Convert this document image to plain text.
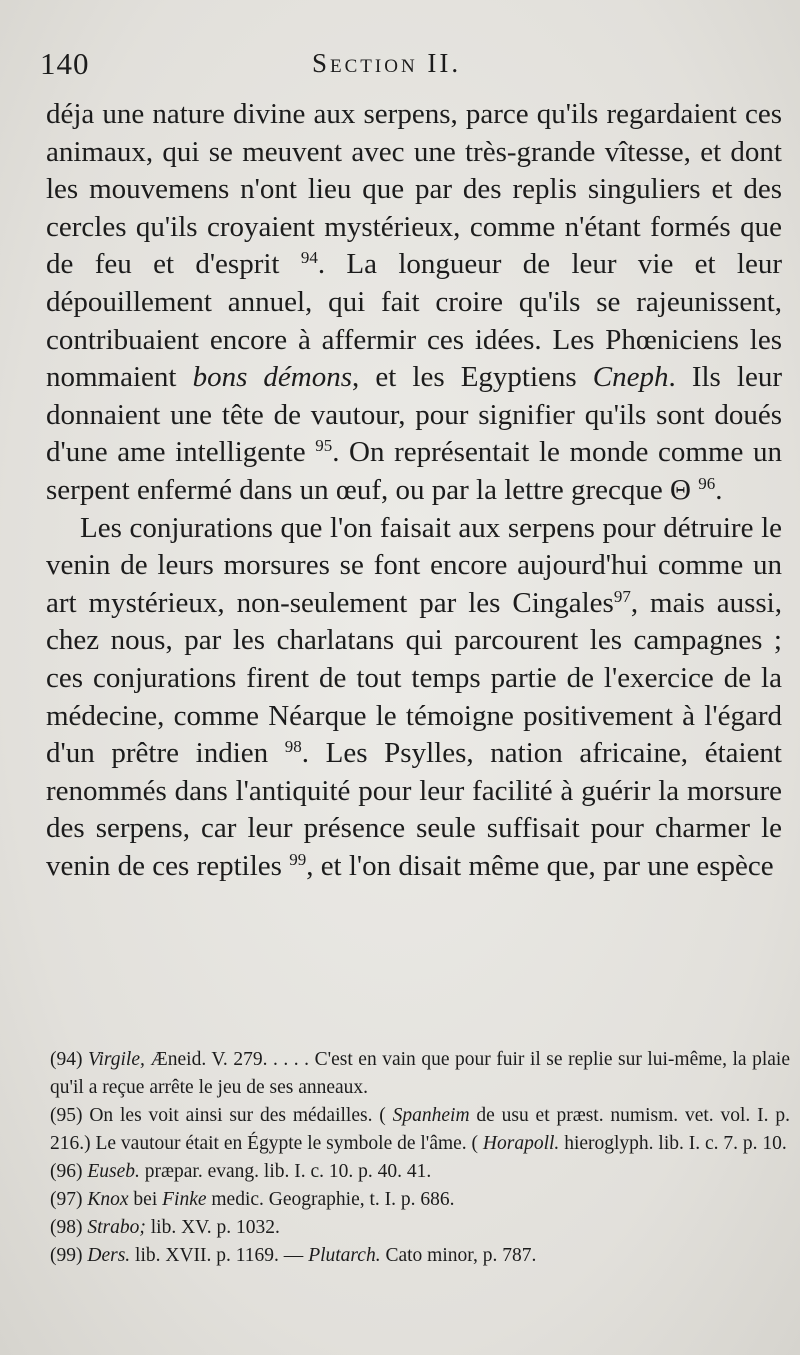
140	Section II.

déja une nature divine aux serpens, parce qu'ils regardaient ces animaux, qui se meuvent avec une très-grande vîtesse, et dont les mouvemens n'ont lieu que par des replis singuliers et des cercles qu'ils croyaient mystérieux, comme n'étant formés que de feu et d'esprit $^{94}$. La longueur de leur vie et leur dépouillement annuel, qui fait croire qu'ils se rajeunissent, contribuaient encore à affermir ces idées. Les Phœniciens les nommaient bons démons, et les Egyptiens Cneph. Ils leur donnaient une tête de vautour, pour signifier qu'ils sont doués d'une ame intelligente $^{95}$. On représentait le monde comme un serpent enfermé dans un œuf, ou par la lettre grecque Θ $^{96}$.

Les conjurations que l'on faisait aux serpens pour détruire le venin de leurs morsures se font encore aujourd'hui comme un art mystérieux, non-seulement par les Cingales$^{97}$, mais aussi, chez nous, par les charlatans qui parcourent les campagnes ; ces conjurations firent de tout temps partie de l'exercice de la médecine, comme Néarque le témoigne positivement à l'égard d'un prêtre indien $^{98}$. Les Psylles, nation africaine, étaient renommés dans l'antiquité pour leur facilité à guérir la morsure des serpens, car leur présence seule suffisait pour charmer le venin de ces reptiles $^{99}$, et l'on disait même que, par une espèce

(94) Virgile, Æneid. V. 279. . . . . C'est en vain que pour fuir il se replie sur lui-même, la plaie qu'il a reçue arrête le jeu de ses anneaux.

(95) On les voit ainsi sur des médailles. ( Spanheim de usu et præst. numism. vet. vol. I. p. 216.) Le vautour était en Égypte le symbole de l'âme. ( Horapoll. hieroglyph. lib. I. c. 7. p. 10.

(96) Euseb. præpar. evang. lib. I. c. 10. p. 40. 41.

(97) Knox bei Finke medic. Geographie, t. I. p. 686.

(98) Strabo; lib. XV. p. 1032.

(99) Ders. lib. XVII. p. 1169. — Plutarch. Cato minor, p. 787.
